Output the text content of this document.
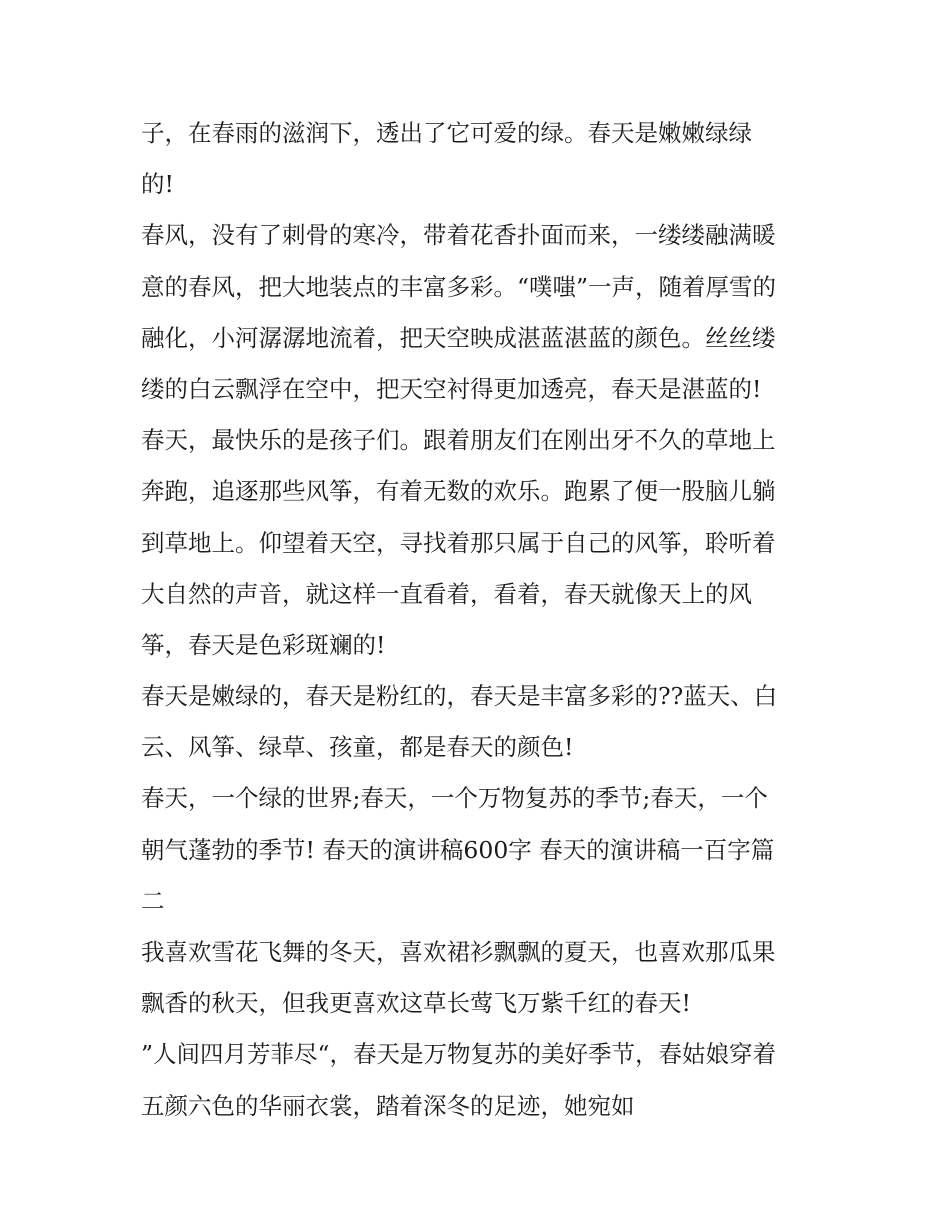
子，在春雨的滋润下，透出了它可爱的绿。春天是嫩嫩绿绿
的!
春风，没有了刺骨的寒冷，带着花香扑面而来，一缕缕融满暖
意的春风，把大地装点的丰富多彩。“噗嗤”一声，随着厚雪的
融化，小河潺潺地流着，把天空映成湛蓝湛蓝的颜色。丝丝缕
缕的白云飘浮在空中，把天空衬得更加透亮，春天是湛蓝的!
春天，最快乐的是孩子们。跟着朋友们在刚出牙不久的草地上
奔跑，追逐那些风筝，有着无数的欢乐。跑累了便一股脑儿躺
到草地上。仰望着天空，寻找着那只属于自己的风筝，聆听着
大自然的声音，就这样一直看着，看着，春天就像天上的风
筝，春天是色彩斑斓的!
春天是嫩绿的，春天是粉红的，春天是丰富多彩的??蓝天、白
云、风筝、绿草、孩童，都是春天的颜色!
春天，一个绿的世界;春天，一个万物复苏的季节;春天，一个
朝气蓬勃的季节! 春天的演讲稿600字 春天的演讲稿一百字篇
二
我喜欢雪花飞舞的冬天，喜欢裙衫飘飘的夏天，也喜欢那瓜果
飘香的秋天，但我更喜欢这草长莺飞万紫千红的春天!
”人间四月芳菲尽“，春天是万物复苏的美好季节，春姑娘穿着
五颜六色的华丽衣裳，踏着深冬的足迹，她宛如
